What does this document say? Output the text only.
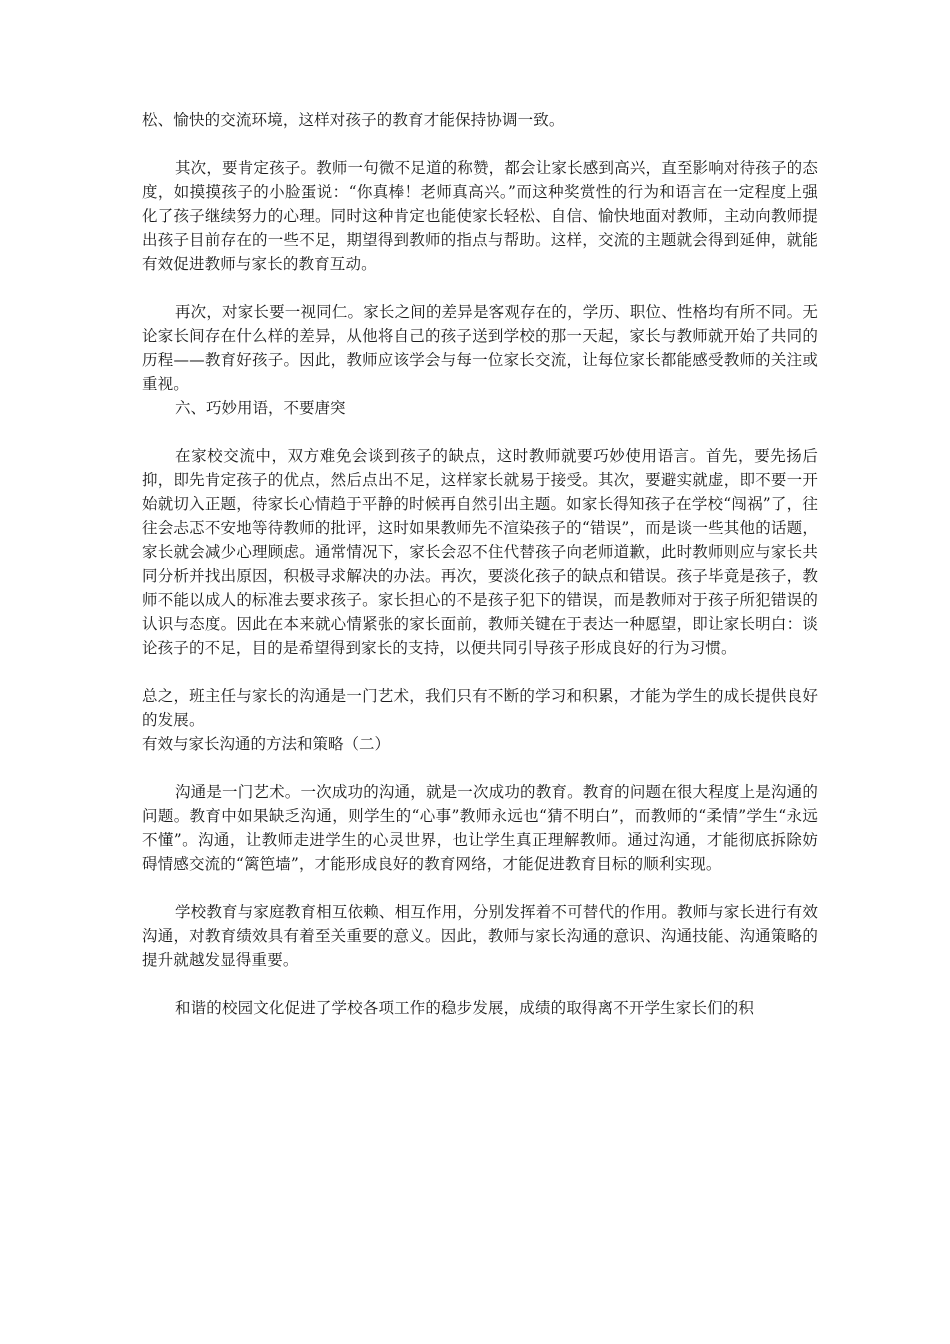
松、愉快的交流环境，这样对孩子的教育才能保持协调一致。

其次，要肯定孩子。教师一句微不足道的称赞，都会让家长感到高兴，直至影响对待孩子的态度，如摸摸孩子的小脸蛋说：“你真棒！老师真高兴。”而这种奖赏性的行为和语言在一定程度上强化了孩子继续努力的心理。同时这种肯定也能使家长轻松、自信、愉快地面对教师，主动向教师提出孩子目前存在的一些不足，期望得到教师的指点与帮助。这样，交流的主题就会得到延伸，就能有效促进教师与家长的教育互动。

再次，对家长要一视同仁。家长之间的差异是客观存在的，学历、职位、性格均有所不同。无论家长间存在什么样的差异，从他将自己的孩子送到学校的那一天起，家长与教师就开始了共同的历程——教育好孩子。因此，教师应该学会与每一位家长交流，让每位家长都能感受教师的关注或重视。

六、巧妙用语，不要唐突

在家校交流中，双方难免会谈到孩子的缺点，这时教师就要巧妙使用语言。首先，要先扬后抑，即先肯定孩子的优点，然后点出不足，这样家长就易于接受。其次，要避实就虚，即不要一开始就切入正题，待家长心情趋于平静的时候再自然引出主题。如家长得知孩子在学校“闯祸”了，往往会忐忑不安地等待教师的批评，这时如果教师先不渲染孩子的“错误”，而是谈一些其他的话题，家长就会减少心理顾虑。通常情况下，家长会忍不住代替孩子向老师道歉，此时教师则应与家长共同分析并找出原因，积极寻求解决的办法。再次，要淡化孩子的缺点和错误。孩子毕竟是孩子，教师不能以成人的标准去要求孩子。家长担心的不是孩子犯下的错误，而是教师对于孩子所犯错误的认识与态度。因此在本来就心情紧张的家长面前，教师关键在于表达一种愿望，即让家长明白：谈论孩子的不足，目的是希望得到家长的支持，以便共同引导孩子形成良好的行为习惯。

总之，班主任与家长的沟通是一门艺术，我们只有不断的学习和积累，才能为学生的成长提供良好的发展。

有效与家长沟通的方法和策略（二）

沟通是一门艺术。一次成功的沟通，就是一次成功的教育。教育的问题在很大程度上是沟通的问题。教育中如果缺乏沟通，则学生的“心事”教师永远也“猜不明白”，而教师的“柔情”学生“永远不懂”。沟通，让教师走进学生的心灵世界，也让学生真正理解教师。通过沟通，才能彻底拆除妨碍情感交流的“篱笆墙”，才能形成良好的教育网络，才能促进教育目标的顺利实现。

学校教育与家庭教育相互依赖、相互作用，分别发挥着不可替代的作用。教师与家长进行有效沟通，对教育绩效具有着至关重要的意义。因此，教师与家长沟通的意识、沟通技能、沟通策略的提升就越发显得重要。

和谐的校园文化促进了学校各项工作的稳步发展，成绩的取得离不开学生家长们的积
